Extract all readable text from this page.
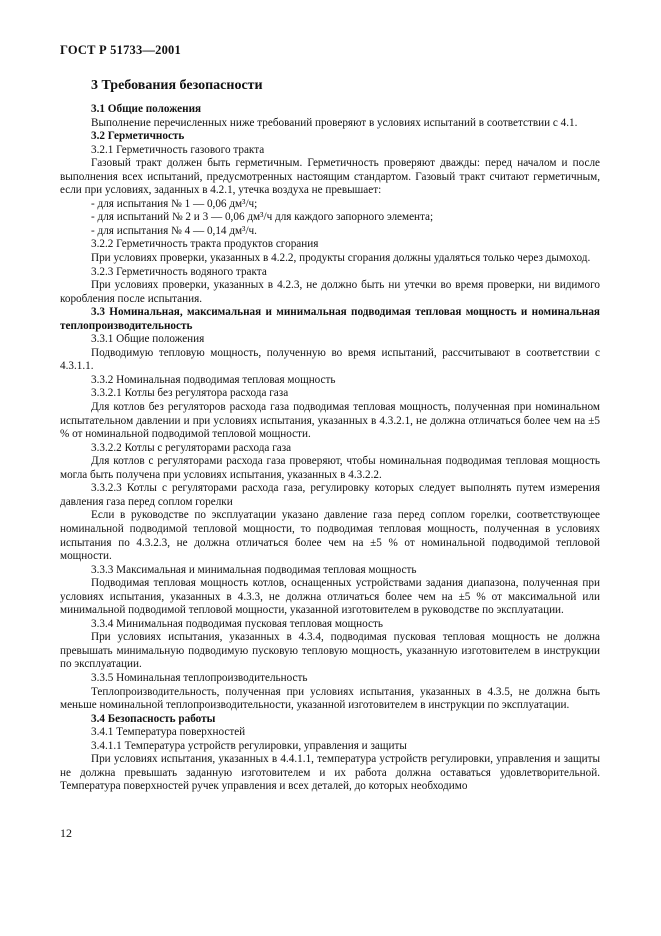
ГОСТ Р 51733—2001
3 Требования безопасности

3.1 Общие положения

Выполнение перечисленных ниже требований проверяют в условиях испытаний в соответствии с 4.1.

3.2 Герметичность

3.2.1 Герметичность газового тракта

Газовый тракт должен быть герметичным. Герметичность проверяют дважды: перед началом и после выполнения всех испытаний, предусмотренных настоящим стандартом. Газовый тракт считают герметичным, если при условиях, заданных в 4.2.1, утечка воздуха не превышает:

- для испытания № 1 — 0,06 дм³/ч;

- для испытаний № 2 и 3 — 0,06 дм³/ч для каждого запорного элемента;

- для испытания № 4 — 0,14 дм³/ч.

3.2.2 Герметичность тракта продуктов сгорания

При условиях проверки, указанных в 4.2.2, продукты сгорания должны удаляться только через дымоход.

3.2.3 Герметичность водяного тракта

При условиях проверки, указанных в 4.2.3, не должно быть ни утечки во время проверки, ни видимого коробления после испытания.

3.3 Номинальная, максимальная и минимальная подводимая тепловая мощность и номинальная теплопроизводительность

3.3.1 Общие положения

Подводимую тепловую мощность, полученную во время испытаний, рассчитывают в соответствии с 4.3.1.1.

3.3.2 Номинальная подводимая тепловая мощность

3.3.2.1 Котлы без регулятора расхода газа

Для котлов без регуляторов расхода газа подводимая тепловая мощность, полученная при номинальном испытательном давлении и при условиях испытания, указанных в 4.3.2.1, не должна отличаться более чем на ±5 % от номинальной подводимой тепловой мощности.

3.3.2.2 Котлы с регуляторами расхода газа

Для котлов с регуляторами расхода газа проверяют, чтобы номинальная подводимая тепловая мощность могла быть получена при условиях испытания, указанных в 4.3.2.2.

3.3.2.3 Котлы с регуляторами расхода газа, регулировку которых следует выполнять путем измерения давления газа перед соплом горелки

Если в руководстве по эксплуатации указано давление газа перед соплом горелки, соответствующее номинальной подводимой тепловой мощности, то подводимая тепловая мощность, полученная в условиях испытания по 4.3.2.3, не должна отличаться более чем на ±5 % от номинальной подводимой тепловой мощности.

3.3.3 Максимальная и минимальная подводимая тепловая мощность

Подводимая тепловая мощность котлов, оснащенных устройствами задания диапазона, полученная при условиях испытания, указанных в 4.3.3, не должна отличаться более чем на ±5 % от максимальной или минимальной подводимой тепловой мощности, указанной изготовителем в руководстве по эксплуатации.

3.3.4 Минимальная подводимая пусковая тепловая мощность

При условиях испытания, указанных в 4.3.4, подводимая пусковая тепловая мощность не должна превышать минимальную подводимую пусковую тепловую мощность, указанную изготовителем в инструкции по эксплуатации.

3.3.5 Номинальная теплопроизводительность

Теплопроизводительность, полученная при условиях испытания, указанных в 4.3.5, не должна быть меньше номинальной теплопроизводительности, указанной изготовителем в инструкции по эксплуатации.

3.4 Безопасность работы

3.4.1 Температура поверхностей

3.4.1.1 Температура устройств регулировки, управления и защиты

При условиях испытания, указанных в 4.4.1.1, температура устройств регулировки, управления и защиты не должна превышать заданную изготовителем и их работа должна оставаться удовлетворительной. Температура поверхностей ручек управления и всех деталей, до которых необходимо

12
